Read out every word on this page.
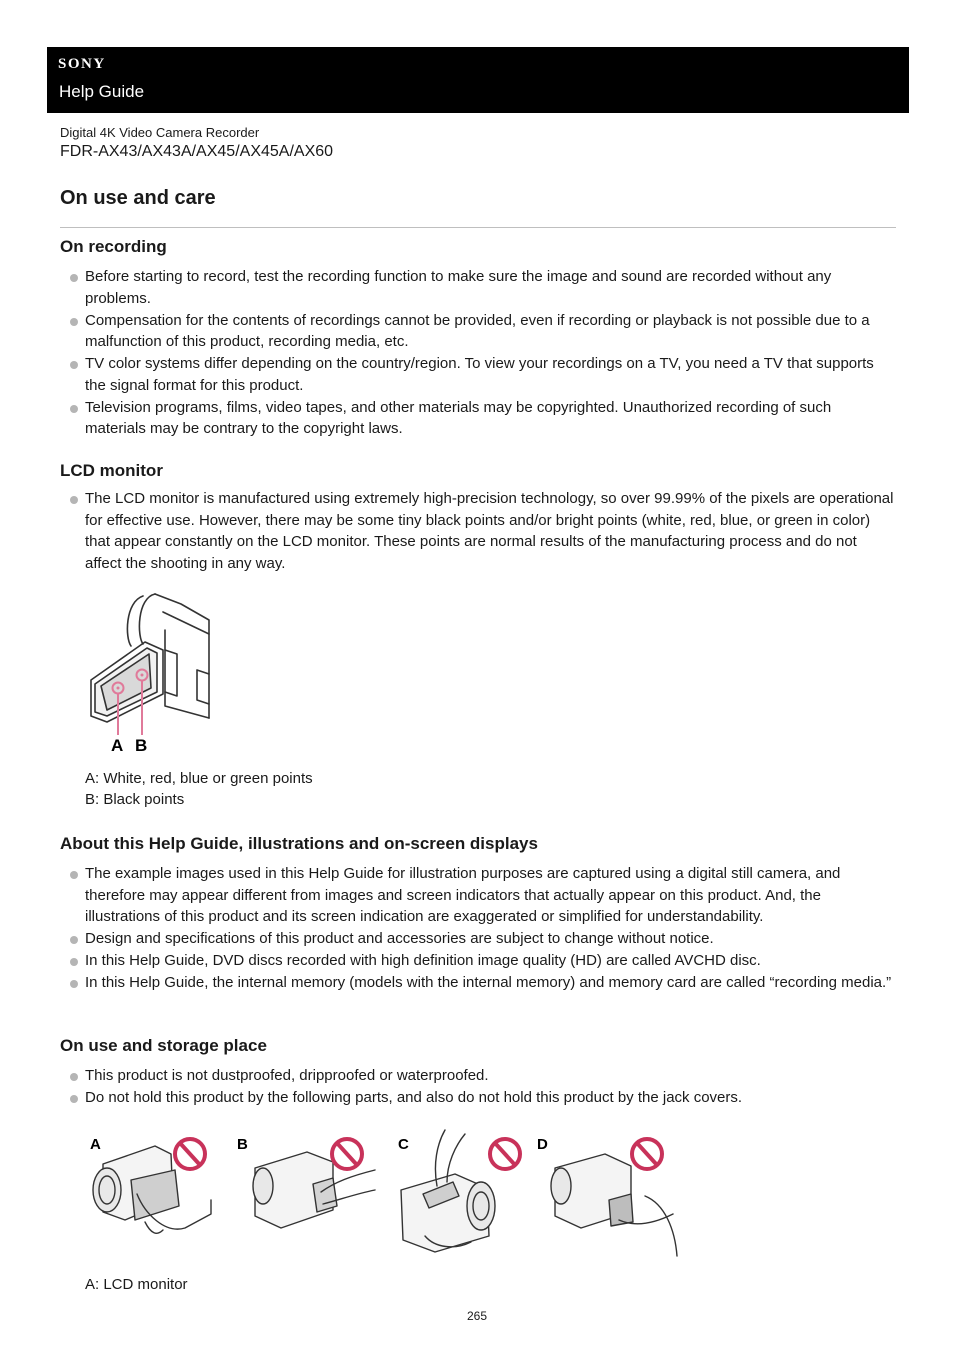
SONY
Help Guide
Digital 4K Video Camera Recorder
FDR-AX43/AX43A/AX45/AX45A/AX60
On use and care
On recording
Before starting to record, test the recording function to make sure the image and sound are recorded without any problems.
Compensation for the contents of recordings cannot be provided, even if recording or playback is not possible due to a malfunction of this product, recording media, etc.
TV color systems differ depending on the country/region. To view your recordings on a TV, you need a TV that supports the signal format for this product.
Television programs, films, video tapes, and other materials may be copyrighted. Unauthorized recording of such materials may be contrary to the copyright laws.
LCD monitor
The LCD monitor is manufactured using extremely high-precision technology, so over 99.99% of the pixels are operational for effective use. However, there may be some tiny black points and/or bright points (white, red, blue, or green in color) that appear constantly on the LCD monitor. These points are normal results of the manufacturing process and do not affect the shooting in any way.
A B
A: White, red, blue or green points
B: Black points
About this Help Guide, illustrations and on-screen displays
The example images used in this Help Guide for illustration purposes are captured using a digital still camera, and therefore may appear different from images and screen indicators that actually appear on this product. And, the illustrations of this product and its screen indication are exaggerated or simplified for understandability.
Design and specifications of this product and accessories are subject to change without notice.
In this Help Guide, DVD discs recorded with high definition image quality (HD) are called AVCHD disc.
In this Help Guide, the internal memory (models with the internal memory) and memory card are called “recording media.”
On use and storage place
This product is not dustproofed, dripproofed or waterproofed.
Do not hold this product by the following parts, and also do not hold this product by the jack covers.
A	B	C	D
A: LCD monitor
265
